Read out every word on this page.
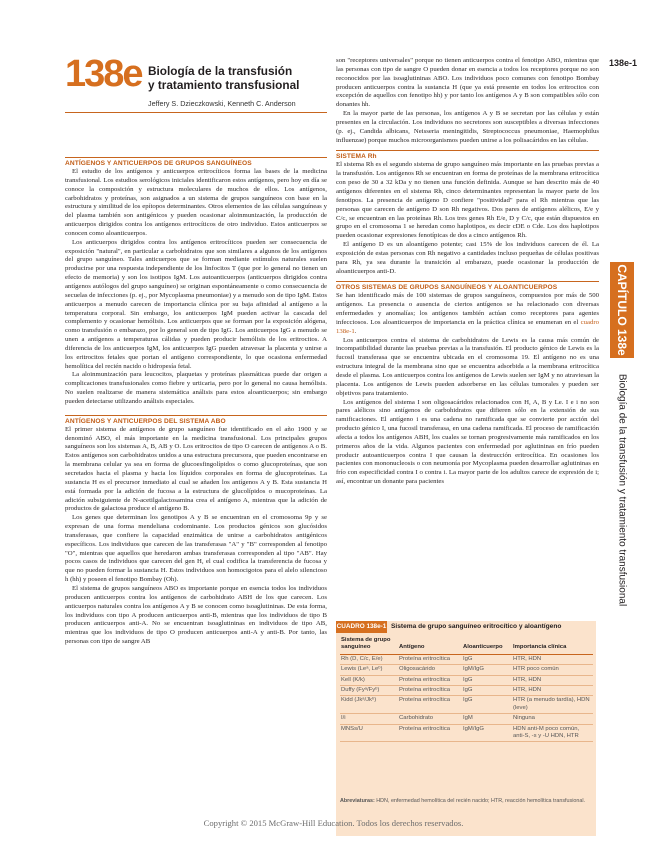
138e Biología de la transfusión
y tratamiento transfusional
Jeffery S. Dzieczkowski, Kenneth C. Anderson
138e-1
CAPÍTULO 138e
Biología de la transfusión y tratamiento transfusional

ANTÍGENOS Y ANTICUERPOS DE GRUPOS SANGUÍNEOS

El estudio de los antígenos y anticuerpos eritrocíticos forma las bases de la medicina transfusional. Los estudios serológicos iniciales identificaron estos antígenos, pero hoy en día se conoce la composición y estructura moleculares de muchos de ellos. Los antígenos, carbohidratos y proteínas, son asignados a un sistema de grupos sanguíneos con base en la estructura y similitud de los epítopos determinantes. Otros elementos de las células sanguíneas y del plasma también son antigénicos y pueden ocasionar aloinmunización, la producción de anticuerpos dirigidos contra los antígenos eritrocíticos de otro individuo. Estos anticuerpos se conocen como aloanticuerpos.

Los anticuerpos dirigidos contra los antígenos eritrocíticos pueden ser consecuencia de exposición "natural", en particular a carbohidratos que son similares a algunos de los antígenos del grupo sanguíneo. Tales anticuerpos que se forman mediante estímulos naturales suelen producirse por una respuesta independiente de los linfocitos T (que por lo general no tienen un efecto de memoria) y son los isotipos IgM. Los autoanticuerpos (anticuerpos dirigidos contra antígenos autólogos del grupo sanguíneo) se originan espontáneamente o como consecuencia de secuelas de infecciones (p. ej., por Mycoplasma pneumoniae) y a menudo son de tipo IgM. Estos anticuerpos a menudo carecen de importancia clínica por su baja afinidad al antígeno a la temperatura corporal. Sin embargo, los anticuerpos IgM pueden activar la cascada del complemento y ocasionar hemólisis. Los anticuerpos que se forman por la exposición alógena, como transfusión o embarazo, por lo general son de tipo IgG. Los anticuerpos IgG a menudo se unen a antígenos a temperaturas cálidas y pueden producir hemólisis de los eritrocitos. A diferencia de los anticuerpos IgM, los anticuerpos IgG pueden atravesar la placenta y unirse a los eritrocitos fetales que portan el antígeno correspondiente, lo que ocasiona enfermedad hemolítica del recién nacido o hidropesía fetal.

La aloinmunización para leucocitos, plaquetas y proteínas plasmáticas puede dar origen a complicaciones transfusionales como fiebre y urticaria, pero por lo general no causa hemólisis. No suelen realizarse de manera sistemática análisis para estos aloanticuerpos; sin embargo pueden detectarse utilizando análisis especiales.

ANTÍGENOS Y ANTICUERPOS DEL SISTEMA ABO

El primer sistema de antígenos de grupo sanguíneo fue identificado en el año 1900 y se denominó ABO, el más importante en la medicina transfusional. Los principales grupos sanguíneos son los sistemas A, B, AB y O. Los eritrocitos de tipo O carecen de antígenos A o B. Estos antígenos son carbohidratos unidos a una estructura precursora, que pueden encontrarse en la membrana celular ya sea en forma de glucoesfingolípidos o como glucoproteínas, que son secretados hacia el plasma y hacia los líquidos corporales en forma de glucoproteínas. La sustancia H es el precursor inmediato al cual se añaden los antígenos A y B. Esta sustancia H está formada por la adición de fucosa a la estructura de glucolípidos o mucoproteínas. La adición subsiguiente de N-acetilgalactosamina crea el antígeno A, mientras que la adición de productos de galactosa produce el antígeno B.

Los genes que determinan los genotipos A y B se encuentran en el cromosoma 9p y se expresan de una forma mendeliana codominante. Los productos génicos son glucósidos transferasas, que confiere la capacidad enzimática de unirse a carbohidratos antigénicos específicos. Los individuos que carecen de las transferasas "A" y "B" corresponden al fenotipo "O", mientras que aquellos que heredaron ambas transferasas corresponden al tipo "AB". Hay pocos casos de individuos que carecen del gen H, el cual codifica la transferencia de fucosa y que no pueden formar la sustancia H. Estos individuos son homocigotos para el alelo silencioso h (hh) y poseen el fenotipo Bombay (Oh).

El sistema de grupos sanguíneos ABO es importante porque en esencia todos los individuos producen anticuerpos contra los antígenos de carbohidrato ABH de los que carecen. Los anticuerpos naturales contra los antígenos A y B se conocen como isoaglutininas. De esta forma, los individuos con tipo A producen anticuerpos anti-B, mientras que los individuos de tipo B producen anticuerpos anti-A. No se encuentran isoaglutininas en individuos de tipo AB, mientras que los individuos de tipo O producen anticuerpos anti-A y anti-B. Por tanto, las personas con tipo de sangre AB

son "receptores universales" porque no tienen anticuerpos contra el fenotipo ABO, mientras que las personas con tipo de sangre O pueden donar en esencia a todos los receptores porque no son reconocidos por las isoaglutininas ABO. Los individuos poco comunes con fenotipo Bombay producen anticuerpos contra la sustancia H (que ya está presente en todos los eritrocitos con excepción de aquellos con fenotipo hh) y por tanto los antígenos A y B son compatibles sólo con donantes hh.

En la mayor parte de las personas, los antígenos A y B se secretan por las células y están presentes en la circulación. Los individuos no secretores son susceptibles a diversas infecciones (p. ej., Candida albicans, Neisseria meningitidis, Streptococcus pneumoniae, Haemophilus influenzae) porque muchos microorganismos pueden unirse a los polisacáridos en las células.

SISTEMA Rh

El sistema Rh es el segundo sistema de grupo sanguíneo más importante en las pruebas previas a la transfusión. Los antígenos Rh se encuentran en forma de proteínas de la membrana eritrocítica con peso de 30 a 32 kDa y no tienen una función definida. Aunque se han descrito más de 40 antígenos diferentes en el sistema Rh, cinco determinantes representan la mayor parte de los fenotipos. La presencia de antígeno D confiere "positividad" para el Rh mientras que las personas que carecen de antígeno D son Rh negativos. Dos pares de antígenos alélicos, E/e y C/c, se encuentran en las proteínas Rh. Los tres genes Rh E/e, D y C/c, que están dispuestos en grupo en el cromosoma 1 se heredan como haplotipos, es decir cDE o Cde. Los dos haplotipos pueden ocasionar expresiones fenotípicas de dos a cinco antígenos Rh.

El antígeno D es un aloantígeno potente; casi 15% de los individuos carecen de él. La exposición de estas personas con Rh negativo a cantidades incluso pequeñas de células positivas para Rh, ya sea durante la transición al embarazo, puede ocasionar la producción de aloanticuerpos anti-D.

OTROS SISTEMAS DE GRUPOS SANGUÍNEOS Y ALOANTICUERPOS

Se han identificado más de 100 sistemas de grupos sanguíneos, compuestos por más de 500 antígenos. La presencia o ausencia de ciertos antígenos se ha relacionado con diversas enfermedades y anomalías; los antígenos también actúan como receptores para agentes infecciosos. Los aloanticuerpos de importancia en la práctica clínica se enumeran en el cuadro 138e-1.

Los anticuerpos contra el sistema de carbohidratos de Lewis es la causa más común de incompatibilidad durante las pruebas previas a la transfusión. El producto génico de Lewis es la fucosil transferasa que se encuentra ubicada en el cromosoma 19. El antígeno no es una estructura integral de la membrana sino que se encuentra adsorbida a la membrana eritrocítica desde el plasma. Los anticuerpos contra los antígenos de Lewis suelen ser IgM y no atraviesan la placenta. Los antígenos de Lewis pueden adsorberse en las células tumorales y pueden ser objetivos para tratamiento.

Los antígenos del sistema I son oligosacáridos relacionados con H, A, B y Le. I e i no son pares alélicos sino antígenos de carbohidratos que difieren sólo en la extensión de sus ramificaciones. El antígeno i es una cadena no ramificada que se convierte por acción del producto génico I, una fucosil transferasa, en una cadena ramificada. El proceso de ramificación afecta a todos los antígenos ABH, los cuales se tornan progresivamente más ramificados en los primeros años de la vida. Algunos pacientes con enfermedad por aglutininas en frío pueden producir autoanticuerpos contra I que causan la destrucción eritrocítica. En ocasiones los pacientes con mononucleosis o con neumonía por Mycoplasma pueden desarrollar aglutininas en frío con especificidad contra I o contra i. La mayor parte de los adultos carece de expresión de i; así, encontrar un donante para pacientes

CUADRO 138e-1 Sistema de grupo sanguíneo eritrocítico y aloantígeno
Sistema de grupo sanguíneo	Antígeno	Aloanticuerpo	Importancia clínica
Rh (D, C/c, E/e)	Proteína eritrocítica	IgG	HTR, HDN
Lewis (Leᵃ, Leᵇ)	Oligosacárido	IgM/IgG	HTR poco común
Kell (K/k)	Proteína eritrocítica	IgG	HTR, HDN
Duffy (Fyᵃ/Fyᵇ)	Proteína eritrocítica	IgG	HTR, HDN
Kidd (Jkᵃ/Jkᵇ)	Proteína eritrocítica	IgG	HTR (a menudo tardía), HDN (leve)
I/i	Carbohidrato	IgM	Ninguna
MNSs/U	Proteína eritrocítica	IgM/IgG	HDN anti-M poco común, anti-S, -s y -U HDN, HTR
Abreviaturas: HDN, enfermedad hemolítica del recién nacido; HTR, reacción hemolítica transfusional.
Copyright © 2015 McGraw-Hill Education. Todos los derechos reservados.
